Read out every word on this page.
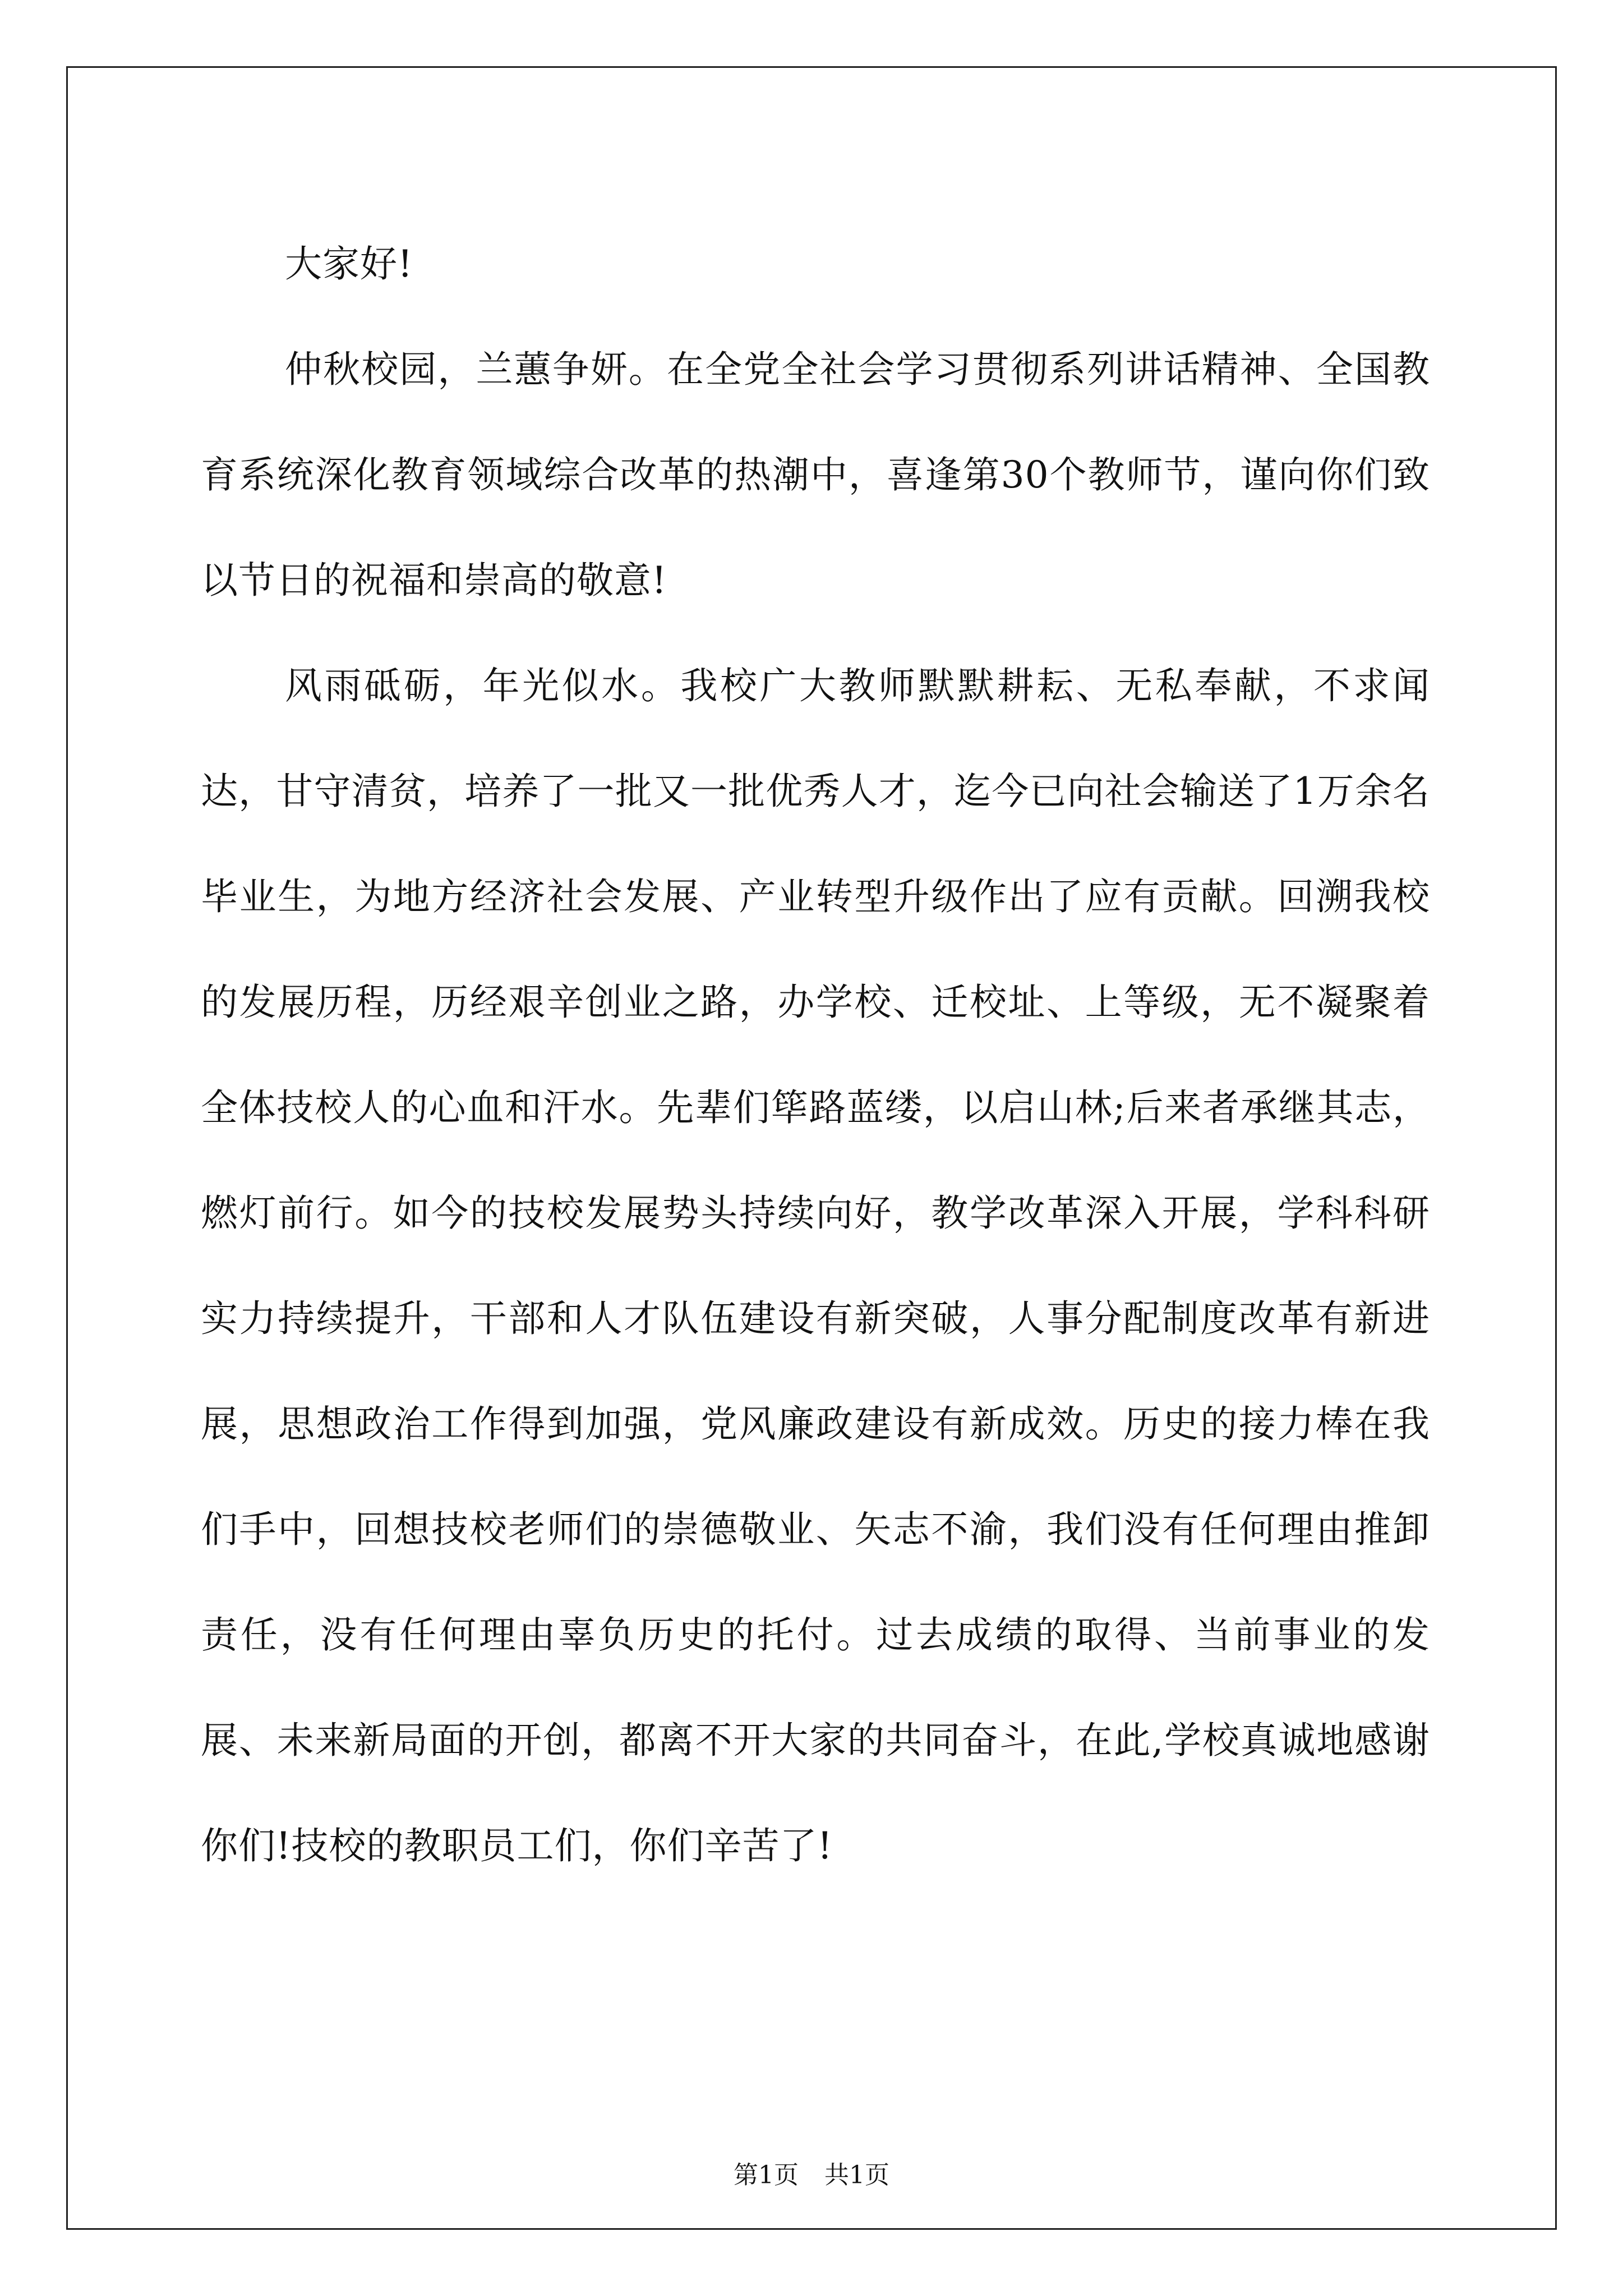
大家好!

仲秋校园，兰蕙争妍。在全党全社会学习贯彻系列讲话精神、全国教育系统深化教育领域综合改革的热潮中，喜逢第30个教师节，谨向你们致以节日的祝福和崇高的敬意!

风雨砥砺，年光似水。我校广大教师默默耕耘、无私奉献，不求闻达，甘守清贫，培养了一批又一批优秀人才，迄今已向社会输送了1万余名毕业生，为地方经济社会发展、产业转型升级作出了应有贡献。回溯我校的发展历程，历经艰辛创业之路，办学校、迁校址、上等级，无不凝聚着全体技校人的心血和汗水。先辈们筚路蓝缕，以启山林;后来者承继其志，燃灯前行。如今的技校发展势头持续向好，教学改革深入开展，学科科研实力持续提升，干部和人才队伍建设有新突破，人事分配制度改革有新进展，思想政治工作得到加强，党风廉政建设有新成效。历史的接力棒在我们手中，回想技校老师们的崇德敬业、矢志不渝，我们没有任何理由推卸责任，没有任何理由辜负历史的托付。过去成绩的取得、当前事业的发展、未来新局面的开创，都离不开大家的共同奋斗，在此,学校真诚地感谢你们!技校的教职员工们，你们辛苦了!

第1页 共1页
